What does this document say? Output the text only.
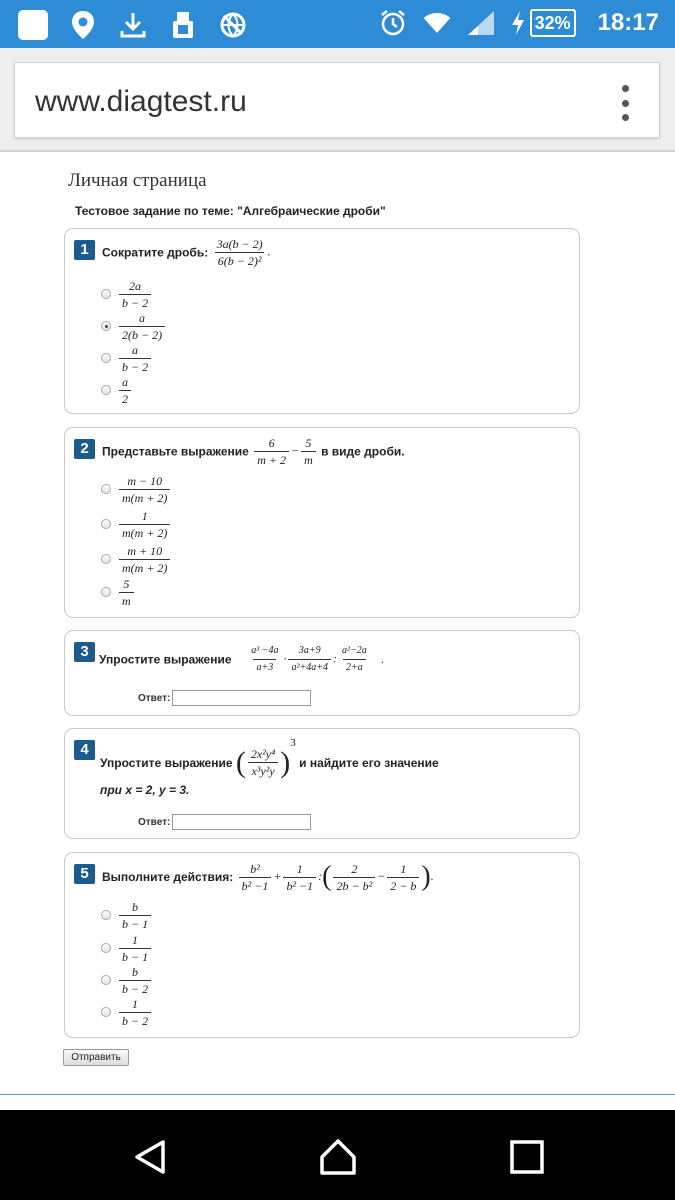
32% 18:17
www.diagtest.ru
Личная страница
Тестовое задание по теме: "Алгебраические дроби"
1	Сократите дробь: $\frac{3a(b - 2)}{\text{6(b − 2)²}}$ .
$\frac{2a}{b - 2}$
$\frac{a}{2(b - 2)}$
$\frac{a}{b - 2}$
$\frac{a}{2}$
2	Представьте выражение $\frac{6}{m + 2} - \frac{5}{m}$ в виде дроби.
$\frac{m - 10}{m(m + 2)}$
$\frac{1}{m(m + 2)}$
$\frac{m + 10}{m(m + 2)}$
$\frac{5}{m}$
3 Упростите выражение $\frac{\text{a³ −4a}}{a+3} \cdot \frac{3a+9}{\text{a²+4a+4}}$ : $\frac{\text{a²−2a}}{2+a}$ .
Ответ:
4
Упростите выражение ( $\frac{\text{2x²y⁴}}{\text{x³y²y}} )^3$ и найдите его значение
при x = 2, y = 3.
Ответ:
5	Выполните действия: $\frac{\text{b²}}{\text{b² −1}} + \frac{1}{\text{b² −1}}$ :( $\frac{2}{\text{2b − b²}} - \frac{1}{2 - b}$ ).
$\frac{b}{b - 1}$
$\frac{1}{b - 1}$
$\frac{b}{b - 2}$
$\frac{1}{b - 2}$
Отправить
